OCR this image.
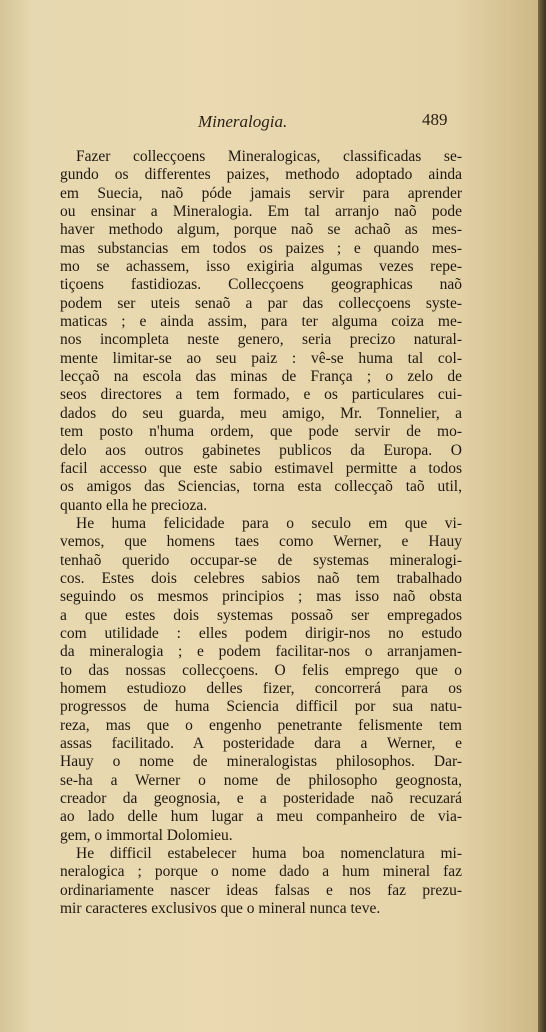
Mineralogia.	489
Fazer collecçoens Mineralogicas, classificadas se-
gundo os differentes paizes, methodo adoptado ainda
em Suecia, naõ póde jamais servir para aprender
ou ensinar a Mineralogia. Em tal arranjo naõ pode
haver methodo algum, porque naõ se achaõ as mes-
mas substancias em todos os paizes ; e quando mes-
mo se achassem, isso exigiria algumas vezes repe-
tiçoens fastidiozas. Collecçoens geographicas naõ
podem ser uteis senaõ a par das collecçoens syste-
maticas ; e ainda assim, para ter alguma coiza me-
nos incompleta neste genero, seria precizo natural-
mente limitar-se ao seu paiz : vê-se huma tal col-
lecçaõ na escola das minas de França ; o zelo de
seos directores a tem formado, e os particulares cui-
dados do seu guarda, meu amigo, Mr. Tonnelier, a
tem posto n'huma ordem, que pode servir de mo-
delo aos outros gabinetes publicos da Europa. O
facil accesso que este sabio estimavel permitte a todos
os amigos das Sciencias, torna esta collecçaõ taõ util,
quanto ella he precioza.
He huma felicidade para o seculo em que vi-
vemos, que homens taes como Werner, e Hauy
tenhaõ querido occupar-se de systemas mineralogi-
cos. Estes dois celebres sabios naõ tem trabalhado
seguindo os mesmos principios ; mas isso naõ obsta
a que estes dois systemas possaõ ser empregados
com utilidade : elles podem dirigir-nos no estudo
da mineralogia ; e podem facilitar-nos o arranjamen-
to das nossas collecçoens. O felis emprego que o
homem estudiozo delles fizer, concorrerá para os
progressos de huma Sciencia difficil por sua natu-
reza, mas que o engenho penetrante felismente tem
assas facilitado. A posteridade dara a Werner, e
Hauy o nome de mineralogistas philosophos. Dar-
se-ha a Werner o nome de philosopho geognosta,
creador da geognosia, e a posteridade naõ recuzará
ao lado delle hum lugar a meu companheiro de via-
gem, o immortal Dolomieu.
He difficil estabelecer huma boa nomenclatura mi-
neralogica ; porque o nome dado a hum mineral faz
ordinariamente nascer ideas falsas e nos faz prezu-
mir caracteres exclusivos que o mineral nunca teve.
